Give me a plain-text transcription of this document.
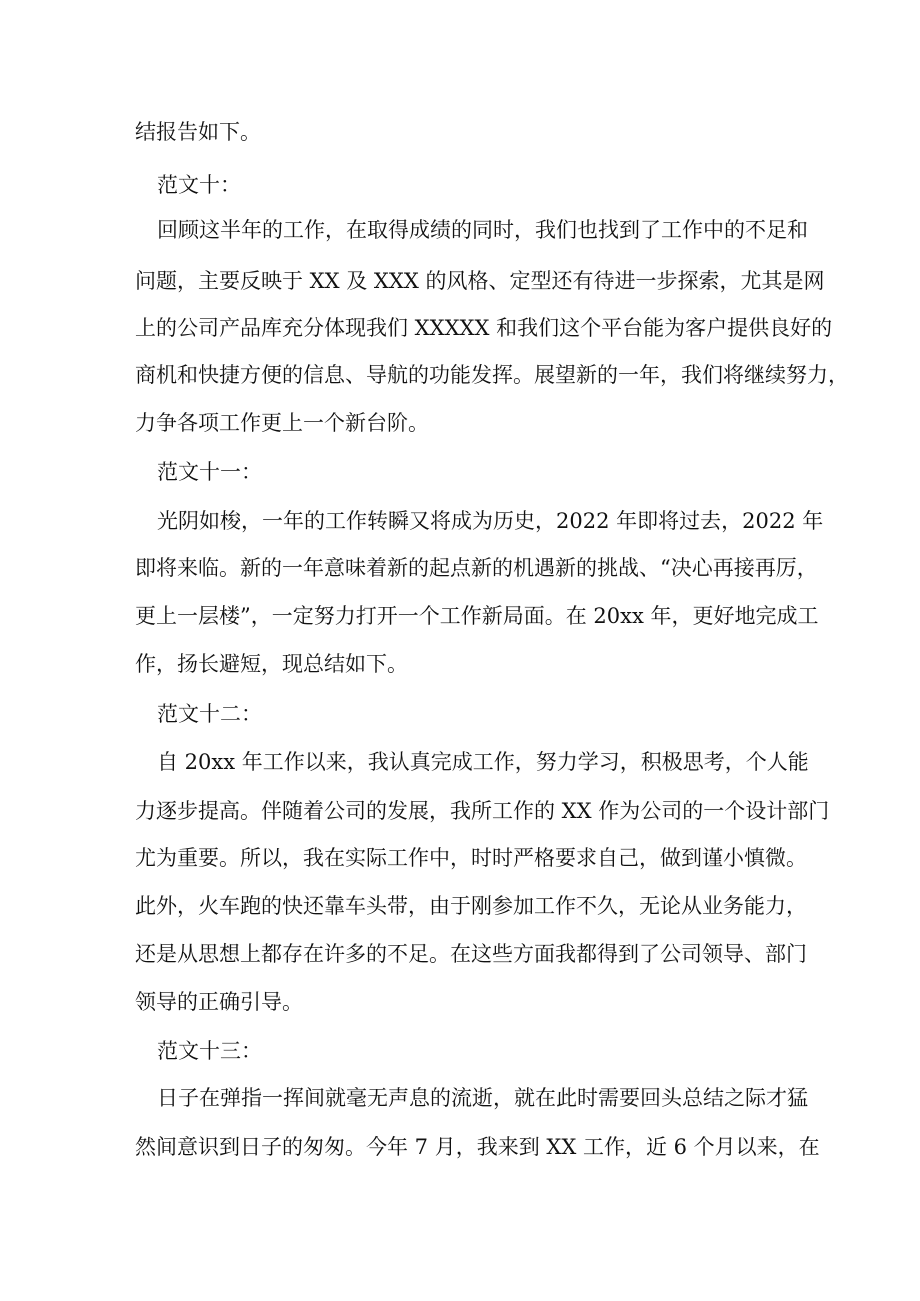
结报告如下。
范文十：
回顾这半年的工作，在取得成绩的同时，我们也找到了工作中的不足和
问题，主要反映于 XX 及 XXX 的风格、定型还有待进一步探索，尤其是网
上的公司产品库充分体现我们 XXXXX 和我们这个平台能为客户提供良好的
商机和快捷方便的信息、导航的功能发挥。展望新的一年，我们将继续努力，
力争各项工作更上一个新台阶。
范文十一：
光阴如梭，一年的工作转瞬又将成为历史，2022 年即将过去，2022 年
即将来临。新的一年意味着新的起点新的机遇新的挑战、“决心再接再厉，
更上一层楼”，一定努力打开一个工作新局面。在 20xx 年，更好地完成工
作，扬长避短，现总结如下。
范文十二：
自 20xx 年工作以来，我认真完成工作，努力学习，积极思考，个人能
力逐步提高。伴随着公司的发展，我所工作的 XX 作为公司的一个设计部门
尤为重要。所以，我在实际工作中，时时严格要求自己，做到谨小慎微。
此外，火车跑的快还靠车头带，由于刚参加工作不久，无论从业务能力，
还是从思想上都存在许多的不足。在这些方面我都得到了公司领导、部门
领导的正确引导。
范文十三：
日子在弹指一挥间就毫无声息的流逝，就在此时需要回头总结之际才猛
然间意识到日子的匆匆。今年 7 月，我来到 XX 工作，近 6 个月以来，在
